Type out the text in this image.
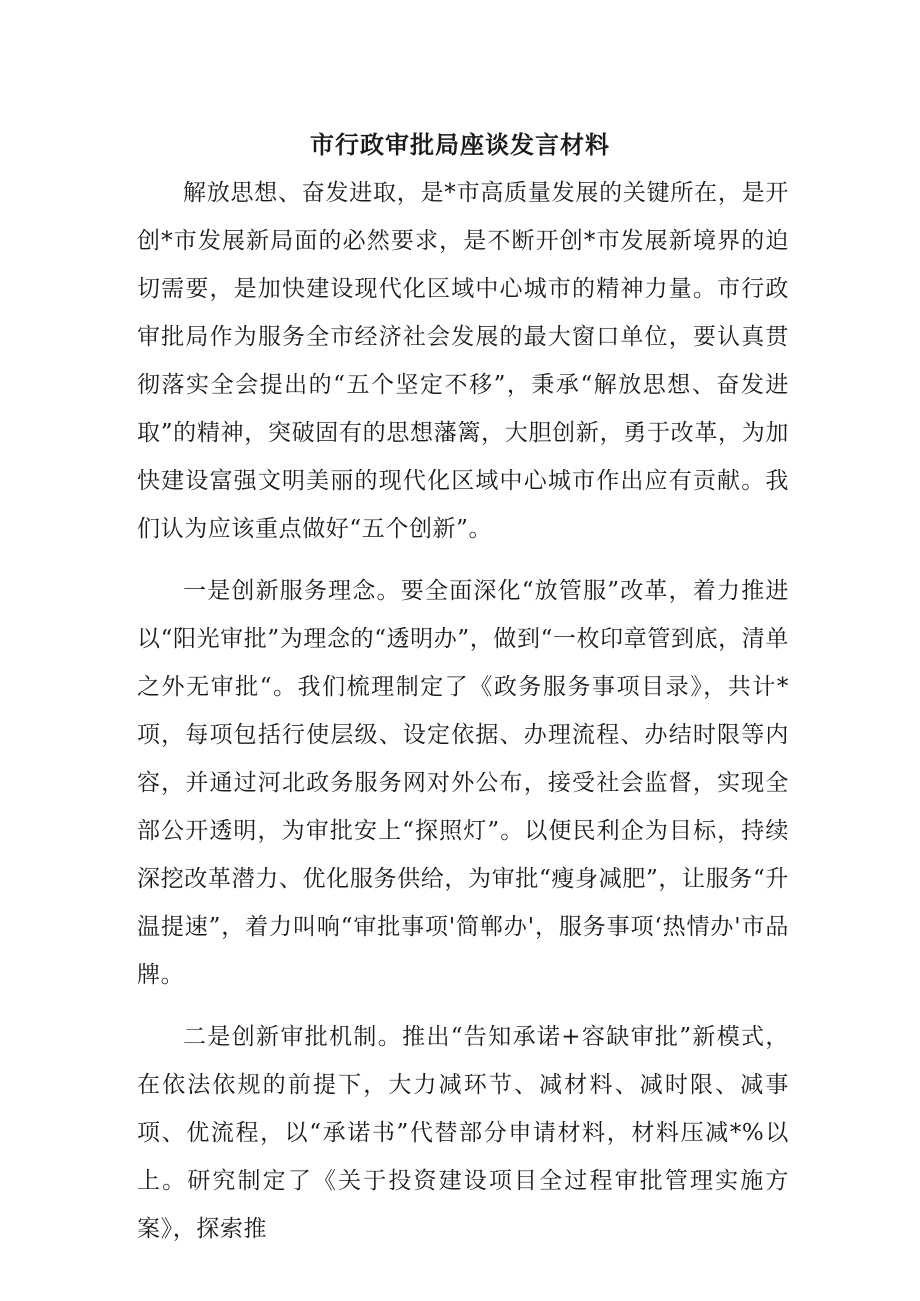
市行政审批局座谈发言材料

解放思想、奋发进取，是*市高质量发展的关键所在，是开创*市发展新局面的必然要求，是不断开创*市发展新境界的迫切需要，是加快建设现代化区域中心城市的精神力量。市行政审批局作为服务全市经济社会发展的最大窗口单位，要认真贯彻落实全会提出的“五个坚定不移”，秉承“解放思想、奋发进取”的精神，突破固有的思想藩篱，大胆创新，勇于改革，为加快建设富强文明美丽的现代化区域中心城市作出应有贡献。我们认为应该重点做好“五个创新”。

一是创新服务理念。要全面深化“放管服”改革，着力推进以“阳光审批”为理念的“透明办”，做到“一枚印章管到底，清单之外无审批“。我们梳理制定了《政务服务事项目录》，共计*项，每项包括行使层级、设定依据、办理流程、办结时限等内容，并通过河北政务服务网对外公布，接受社会监督，实现全部公开透明，为审批安上“探照灯”。以便民利企为目标，持续深挖改革潜力、优化服务供给，为审批“瘦身减肥”，让服务“升温提速”，着力叫响“审批事项'简郸办'，服务事项‘热情办'市品牌。

二是创新审批机制。推出“告知承诺+容缺审批”新模式，在依法依规的前提下，大力减环节、减材料、减时限、减事项、优流程，以“承诺书”代替部分申请材料，材料压减*%以上。研究制定了《关于投资建设项目全过程审批管理实施方案》，探索推
